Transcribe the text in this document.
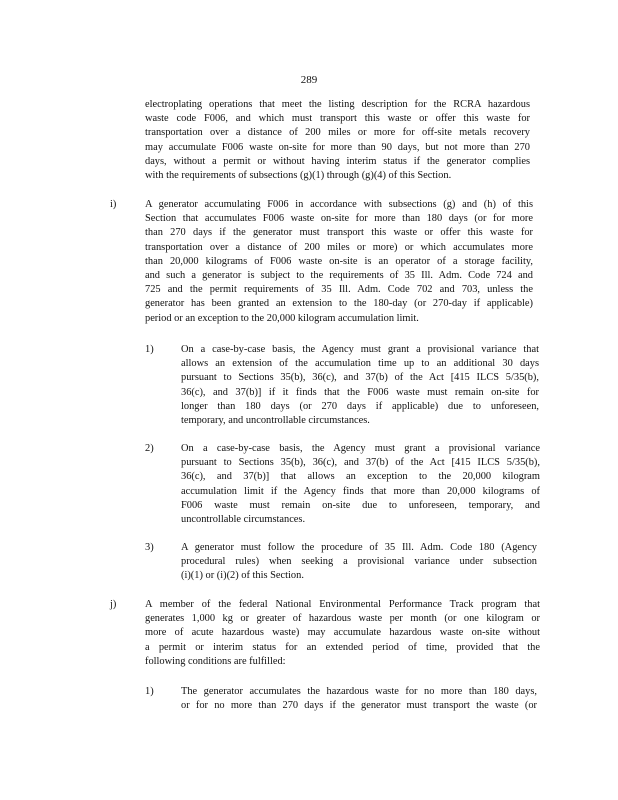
289
electroplating operations that meet the listing description for the RCRA hazardous
waste code F006, and which must transport this waste or offer this waste for
transportation over a distance of 200 miles or more for off-site metals recovery
may accumulate F006 waste on-site for more than 90 days, but not more than 270
days, without a permit or without having interim status if the generator complies
with the requirements of subsections (g)(1) through (g)(4) of this Section.
i)	A generator accumulating F006 in accordance with subsections (g) and (h) of this
Section that accumulates F006 waste on-site for more than 180 days (or for more
than 270 days if the generator must transport this waste or offer this waste for
transportation over a distance of 200 miles or more) or which accumulates more
than 20,000 kilograms of F006 waste on-site is an operator of a storage facility,
and such a generator is subject to the requirements of 35 Ill. Adm. Code 724 and
725 and the permit requirements of 35 Ill. Adm. Code 702 and 703, unless the
generator has been granted an extension to the 180-day (or 270-day if applicable)
period or an exception to the 20,000 kilogram accumulation limit.
1)	On a case-by-case basis, the Agency must grant a provisional variance that
allows an extension of the accumulation time up to an additional 30 days
pursuant to Sections 35(b), 36(c), and 37(b) of the Act [415 ILCS 5/35(b),
36(c), and 37(b)] if it finds that the F006 waste must remain on-site for
longer than 180 days (or 270 days if applicable) due to unforeseen,
temporary, and uncontrollable circumstances.
2)	On a case-by-case basis, the Agency must grant a provisional variance
pursuant to Sections 35(b), 36(c), and 37(b) of the Act [415 ILCS 5/35(b),
36(c), and 37(b)] that allows an exception to the 20,000 kilogram
accumulation limit if the Agency finds that more than 20,000 kilograms of
F006 waste must remain on-site due to unforeseen, temporary, and
uncontrollable circumstances.
3)	A generator must follow the procedure of 35 Ill. Adm. Code 180 (Agency
procedural rules) when seeking a provisional variance under subsection
(i)(1) or (i)(2) of this Section.
j)	A member of the federal National Environmental Performance Track program that
generates 1,000 kg or greater of hazardous waste per month (or one kilogram or
more of acute hazardous waste) may accumulate hazardous waste on-site without
a permit or interim status for an extended period of time, provided that the
following conditions are fulfilled:
1)	The generator accumulates the hazardous waste for no more than 180 days,
or for no more than 270 days if the generator must transport the waste (or
